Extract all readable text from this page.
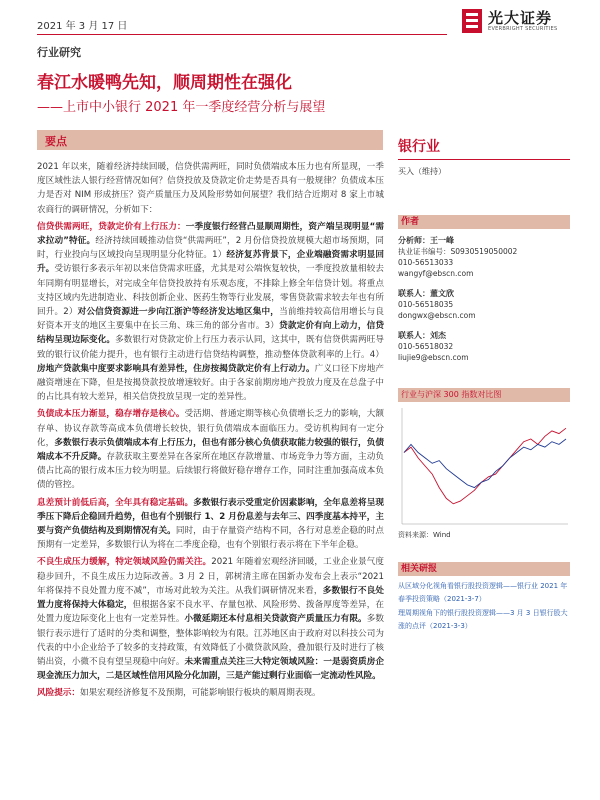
2021 年 3 月 17 日	光大证券
EVERBRIGHT SECURITIES
行业研究
春江水暖鸭先知，顺周期性在强化
——上市中小银行 2021 年一季度经营分析与展望
要点

2021 年以来，随着经济持续回暖，信贷供需两旺，同时负债端成本压力也有所显现，一季度区域性法人银行经营情况如何？信贷投放及贷款定价走势是否具有一般规律？负债成本压力是否对 NIM 形成挤压？资产质量压力及风险形势如何展望？我们结合近期对 8 家上市城农商行的调研情况，分析如下：

信贷供需两旺，贷款定价有上行压力：一季度银行经营凸显顺周期性，资产端呈现明显“需求拉动”特征。经济持续回暖推动信贷“供需两旺”，2 月份信贷投放规模大超市场预期，同时，行业投向与区域投向呈现明显分化特征。1）经济复苏背景下，企业端融资需求明显回升。受访银行多表示年初以来信贷需求旺盛，尤其是对公端恢复较快，一季度投放量相较去年同期有明显增长，对完成全年信贷投放持有乐观态度，不排除上修全年信贷计划。将重点支持区域内先进制造业、科技创新企业、医药生物等行业发展，零售贷款需求较去年也有所回升。2）对公信贷资源进一步向江浙沪等经济发达地区集中，当前维持较高信用增长与良好资本开支的地区主要集中在长三角、珠三角的部分省市。3）贷款定价有向上动力，信贷结构呈现边际变化。多数银行对贷款定价上行压力表示认同，这其中，既有信贷供需两旺导致的银行议价能力提升，也有银行主动进行信贷结构调整，推动整体贷款利率的上行。4）房地产贷款集中度要求影响具有差异性，住房按揭贷款定价有上行动力。广义口径下房地产融资增速在下降，但是按揭贷款投放增速较好。由于各家前期房地产投放力度及在总盘子中的占比具有较大差异，相关信贷投放呈现一定的差异性。

负债成本压力渐显，稳存增存是核心。受活期、普通定期等核心负债增长乏力的影响，大额存单、协议存款等高成本负债增长较快，银行负债端成本面临压力。受访机构间有一定分化，多数银行表示负债端成本有上行压力，但也有部分核心负债获取能力较强的银行，负债端成本不升反降。存款获取主要差异在各家所在地区存款增量、市场竞争力等方面，主动负债占比高的银行成本压力较为明显。后续银行将做好稳存增存工作，同时注重加强高成本负债的管控。

息差预计前低后高，全年具有稳定基础。多数银行表示受重定价因素影响，全年息差将呈现季压下降后企稳回升趋势，但也有个别银行 1、2 月份息差与去年三、四季度基本持平，主要与资产负债结构及到期情况有关。同时，由于存量资产结构不同，各行对息差企稳的时点预期有一定差异，多数银行认为将在二季度企稳，也有个别银行表示将在下半年企稳。

不良生成压力缓解，特定领域风险仍需关注。2021 年随着宏观经济回暖，工业企业景气度稳步回升，不良生成压力边际改善。3 月 2 日，郭树清主席在国新办发布会上表示“2021 年将保持不良处置力度不减”，市场对此较为关注。从我们调研情况来看，多数银行不良处置力度将保持大体稳定，但根据各家不良水平、存量包袱、风险形势、拨备厚度等差异，在处置力度边际变化上也有一定差异性。小微延期还本付息相关贷款资产质量压力有限。多数银行表示进行了适时的分类和调整，整体影响较为有限。江苏地区由于政府对以科技公司为代表的中小企业给予了较多的支持政策，有效降低了小微贷款风险，叠加银行及时进行了核销出资，小微不良有望呈现稳中向好。未来需重点关注三大特定领域风险：一是弱资质房企现金流压力加大，二是区域性信用风险分化加剧，三是产能过剩行业面临一定流动性风险。

风险提示：如果宏观经济修复不及预期，可能影响银行板块的顺周期表现。

银行业
买入（维持）
作者
分析师：王一峰
执业证书编号：S0930519050002
010-56513033
wangyf@ebscn.com
联系人：董文欣
010-56518035
dongwx@ebscn.com
联系人：刘杰
010-56518032
liujie9@ebscn.com
行业与沪深 300 指数对比图
资料来源：Wind
相关研报
从区域分化视角看银行股投资逻辑——银行业 2021 年春季投资策略（2021-3-7）
理周期视角下的银行股投资逻辑——3 月 3 日银行股大涨的点评（2021-3-3）
